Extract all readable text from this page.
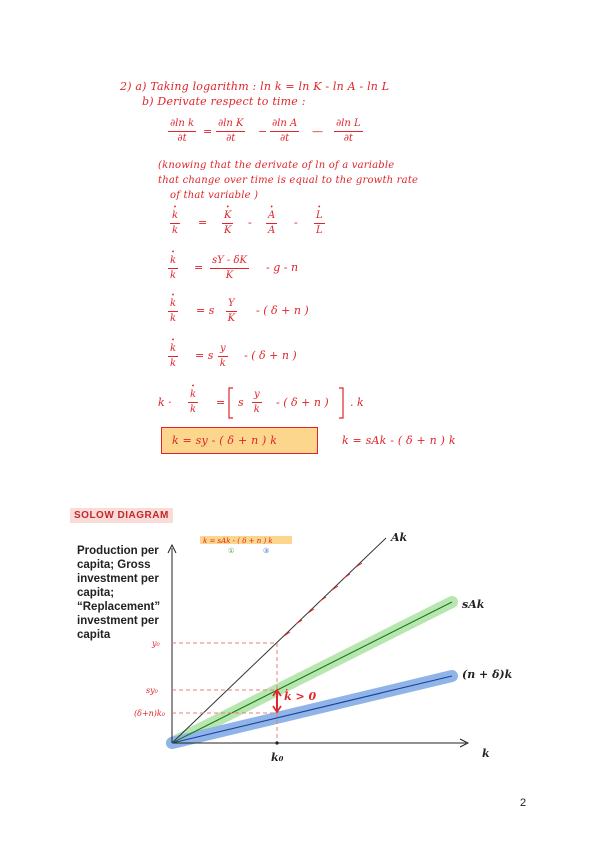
2) a) Taking logarithm : ln k = ln K - ln A - ln L
b) Derivate respect to time :
$\frac{\text{∂ln k}}{\partial t} = \frac{\text{∂ln K}}{\partial t} - \frac{\text{∂ln A}}{\partial t}$ — $\frac{\text{∂ln L}}{\partial t}$
(knowing that the derivate of ln of a variable
that change over time is equal to the growth rate
of that variable )
• $\frac{k}{k}$ = • $\frac{K}{K}$ - • $\frac{A}{A}$ - • $\frac{L}{L}$
• $\frac{k}{k} = \frac{sY - \delta K}{K} - g - n$
• $\frac{k}{k} = s \frac{Y}{K}$ - ( δ + n )
• $\frac{k}{k} = s \frac{y}{k}$ - ( δ + n )
k · • $\frac{k}{k} = s \frac{y}{k}$ - ( δ + n ) . k
k = sy - ( δ + n ) k	k = sAk - ( δ + n ) k
SOLOW DIAGRAM
Production per capita; Gross investment per capita; “Replacement” investment per capita
k = sAk - ( δ + n ) k
①	③
y₀
sy₀
(δ+n)k₀
Ak
sAk
(n + δ)k
k̇ > 0
k₀	k
2
